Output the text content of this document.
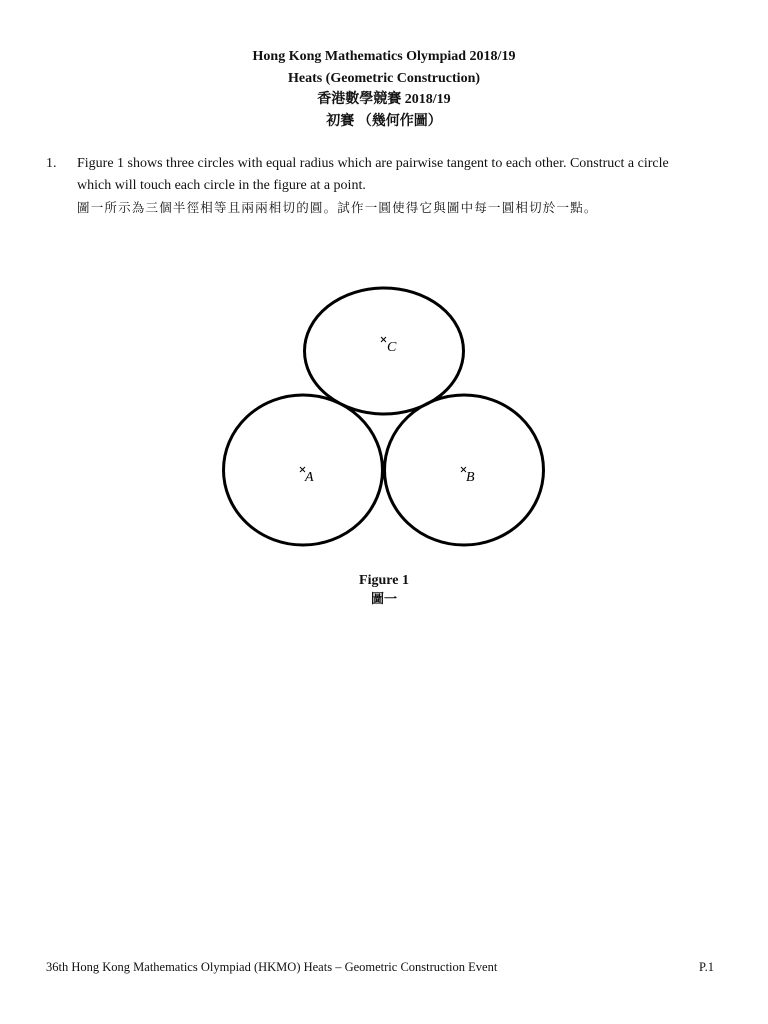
Hong Kong Mathematics Olympiad 2018/19
Heats (Geometric Construction)
香港數學競賽 2018/19
初賽 （幾何作圖）
1. Figure 1 shows three circles with equal radius which are pairwise tangent to each other. Construct a circle
which will touch each circle in the figure at a point.
圖一所示為三個半徑相等且兩兩相切的圓。試作一圓使得它與圖中每一圓相切於一點。
C
A	B
Figure 1
圖一
36th Hong Kong Mathematics Olympiad (HKMO) Heats – Geometric Construction Event	P.1
